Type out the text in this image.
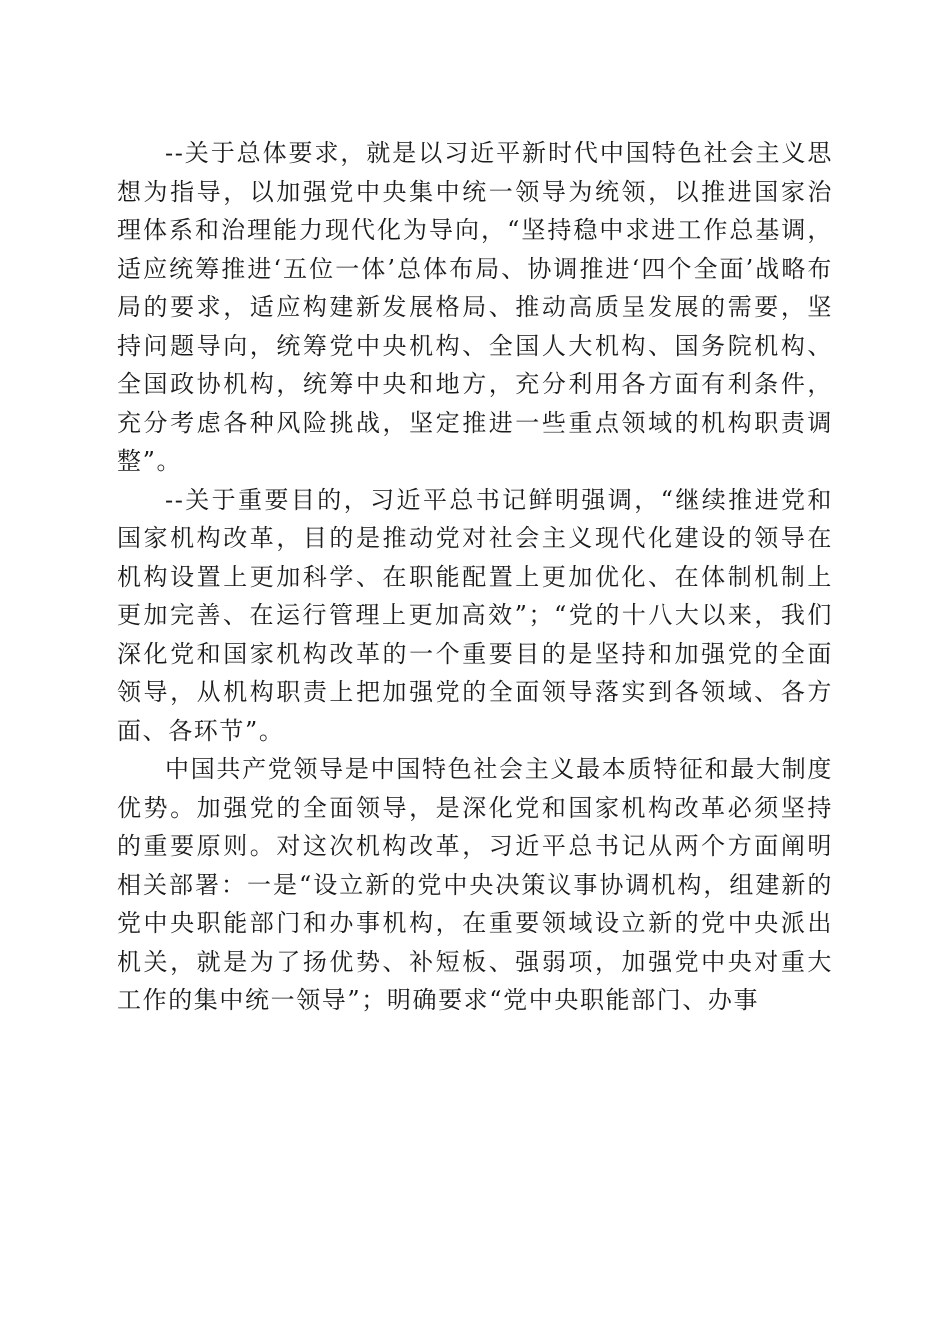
--关于总体要求，就是以习近平新时代中国特色社会主义思想为指导，以加强党中央集中统一领导为统领，以推进国家治理体系和治理能力现代化为导向，“坚持稳中求进工作总基调，适应统筹推进‘五位一体’总体布局、协调推进‘四个全面’战略布局的要求，适应构建新发展格局、推动高质呈发展的需要，坚持问题导向，统筹党中央机构、全国人大机构、国务院机构、全国政协机构，统筹中央和地方，充分利用各方面有利条件，充分考虑各种风险挑战，坚定推进一些重点领域的机构职责调整”。

--关于重要目的，习近平总书记鲜明强调，“继续推进党和国家机构改革，目的是推动党对社会主义现代化建设的领导在机构设置上更加科学、在职能配置上更加优化、在体制机制上更加完善、在运行管理上更加高效”；“党的十八大以来，我们深化党和国家机构改革的一个重要目的是坚持和加强党的全面领导，从机构职责上把加强党的全面领导落实到各领域、各方面、各环节”。

中国共产党领导是中国特色社会主义最本质特征和最大制度优势。加强党的全面领导，是深化党和国家机构改革必须坚持的重要原则。对这次机构改革，习近平总书记从两个方面阐明相关部署：一是“设立新的党中央决策议事协调机构，组建新的党中央职能部门和办事机构，在重要领域设立新的党中央派出机关，就是为了扬优势、补短板、强弱项，加强党中央对重大工作的集中统一领导”；明确要求“党中央职能部门、办事
